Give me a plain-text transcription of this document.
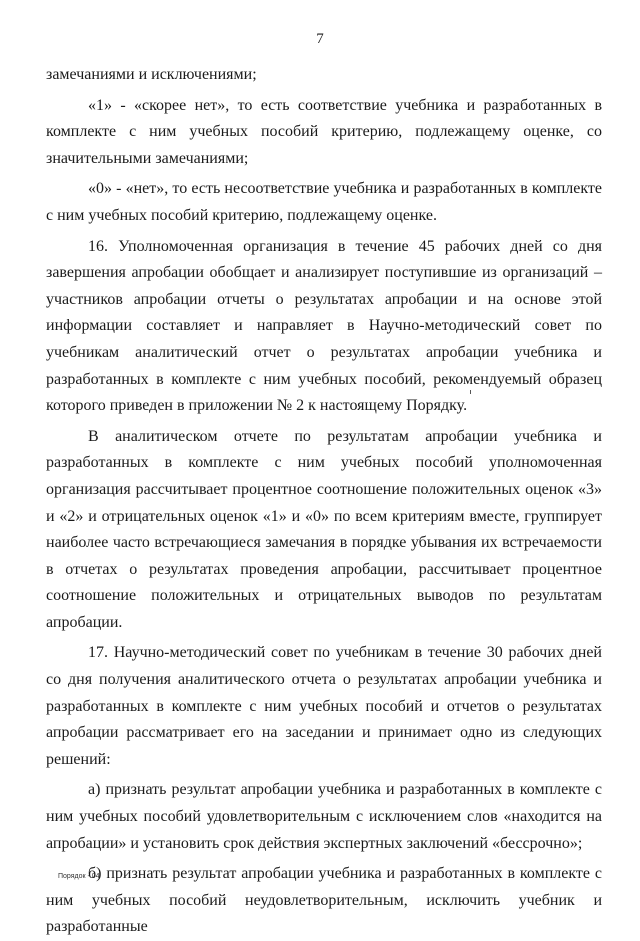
7

замечаниями и исключениями;

«1» - «скорее нет», то есть соответствие учебника и разработанных в комплекте с ним учебных пособий критерию, подлежащему оценке, со значительными замечаниями;

«0» - «нет», то есть несоответствие учебника и разработанных в комплекте с ним учебных пособий критерию, подлежащему оценке.

16. Уполномоченная организация в течение 45 рабочих дней со дня завершения апробации обобщает и анализирует поступившие из организаций – участников апробации отчеты о результатах апробации и на основе этой информации составляет и направляет в Научно-методический совет по учебникам аналитический отчет о результатах апробации учебника и разработанных в комплекте с ним учебных пособий, рекомендуемый образец которого приведен в приложении № 2 к настоящему Порядку.

В аналитическом отчете по результатам апробации учебника и разработанных в комплекте с ним учебных пособий уполномоченная организация рассчитывает процентное соотношение положительных оценок «3» и «2» и отрицательных оценок «1» и «0» по всем критериям вместе, группирует наиболее часто встречающиеся замечания в порядке убывания их встречаемости в отчетах о результатах проведения апробации, рассчитывает процентное соотношение положительных и отрицательных выводов по результатам апробации.

17. Научно-методический совет по учебникам в течение 30 рабочих дней со дня получения аналитического отчета о результатах апробации учебника и разработанных в комплекте с ним учебных пособий и отчетов о результатах апробации рассматривает его на заседании и принимает одно из следующих решений:

а) признать результат апробации учебника и разработанных в комплекте с ним учебных пособий удовлетворительным с исключением слов «находится на апробации» и установить срок действия экспертных заключений «бессрочно»;

б) признать результат апробации учебника и разработанных в комплекте с ним учебных пособий неудовлетворительным, исключить учебник и разработанные

Порядок - 04
